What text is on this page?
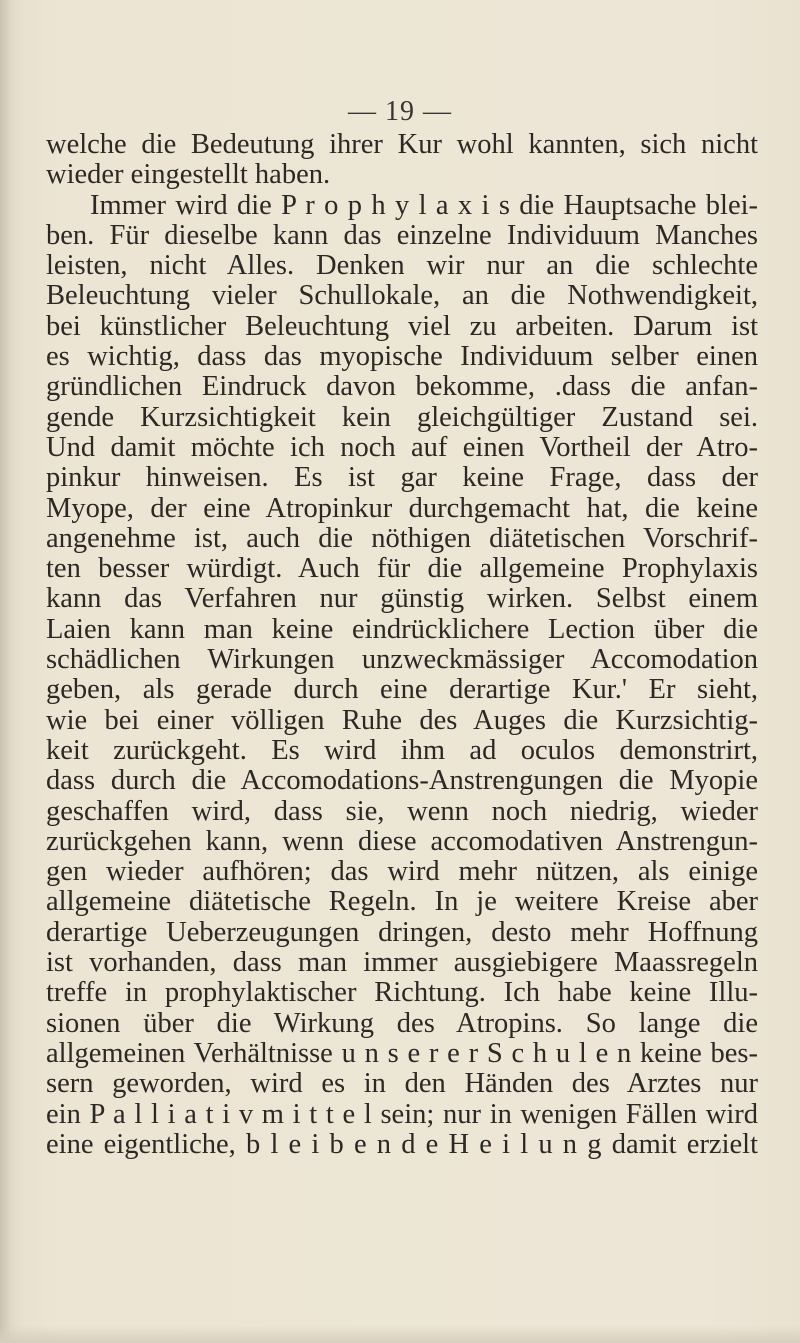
— 19 —

welche die Bedeutung ihrer Kur wohl kannten, sich nicht
wieder eingestellt haben.
Immer wird die P r o p h y l a x i s die Hauptsache blei-
ben. Für dieselbe kann das einzelne Individuum Manches
leisten, nicht Alles. Denken wir nur an die schlechte
Beleuchtung vieler Schullokale, an die Nothwendigkeit,
bei künstlicher Beleuchtung viel zu arbeiten. Darum ist
es wichtig, dass das myopische Individuum selber einen
gründlichen Eindruck davon bekomme, .dass die anfan-
gende Kurzsichtigkeit kein gleichgültiger Zustand sei.
Und damit möchte ich noch auf einen Vortheil der Atro-
pinkur hinweisen. Es ist gar keine Frage, dass der
Myope, der eine Atropinkur durchgemacht hat, die keine
angenehme ist, auch die nöthigen diätetischen Vorschrif-
ten besser würdigt. Auch für die allgemeine Prophylaxis
kann das Verfahren nur günstig wirken. Selbst einem
Laien kann man keine eindrücklichere Lection über die
schädlichen Wirkungen unzweckmässiger Accomodation
geben, als gerade durch eine derartige Kur.' Er sieht,
wie bei einer völligen Ruhe des Auges die Kurzsichtig-
keit zurückgeht. Es wird ihm ad oculos demonstrirt,
dass durch die Accomodations-Anstrengungen die Myopie
geschaffen wird, dass sie, wenn noch niedrig, wieder
zurückgehen kann, wenn diese accomodativen Anstrengun-
gen wieder aufhören; das wird mehr nützen, als einige
allgemeine diätetische Regeln. In je weitere Kreise aber
derartige Ueberzeugungen dringen, desto mehr Hoffnung
ist vorhanden, dass man immer ausgiebigere Maassregeln
treffe in prophylaktischer Richtung. Ich habe keine Illu-
sionen über die Wirkung des Atropins. So lange die
allgemeinen Verhältnisse u n s e r e r S c h u l e n keine bes-
sern geworden, wird es in den Händen des Arztes nur
ein P a l l i a t i v m i t t e l sein; nur in wenigen Fällen wird
eine eigentliche, b l e i b e n d e H e i l u n g damit erzielt
